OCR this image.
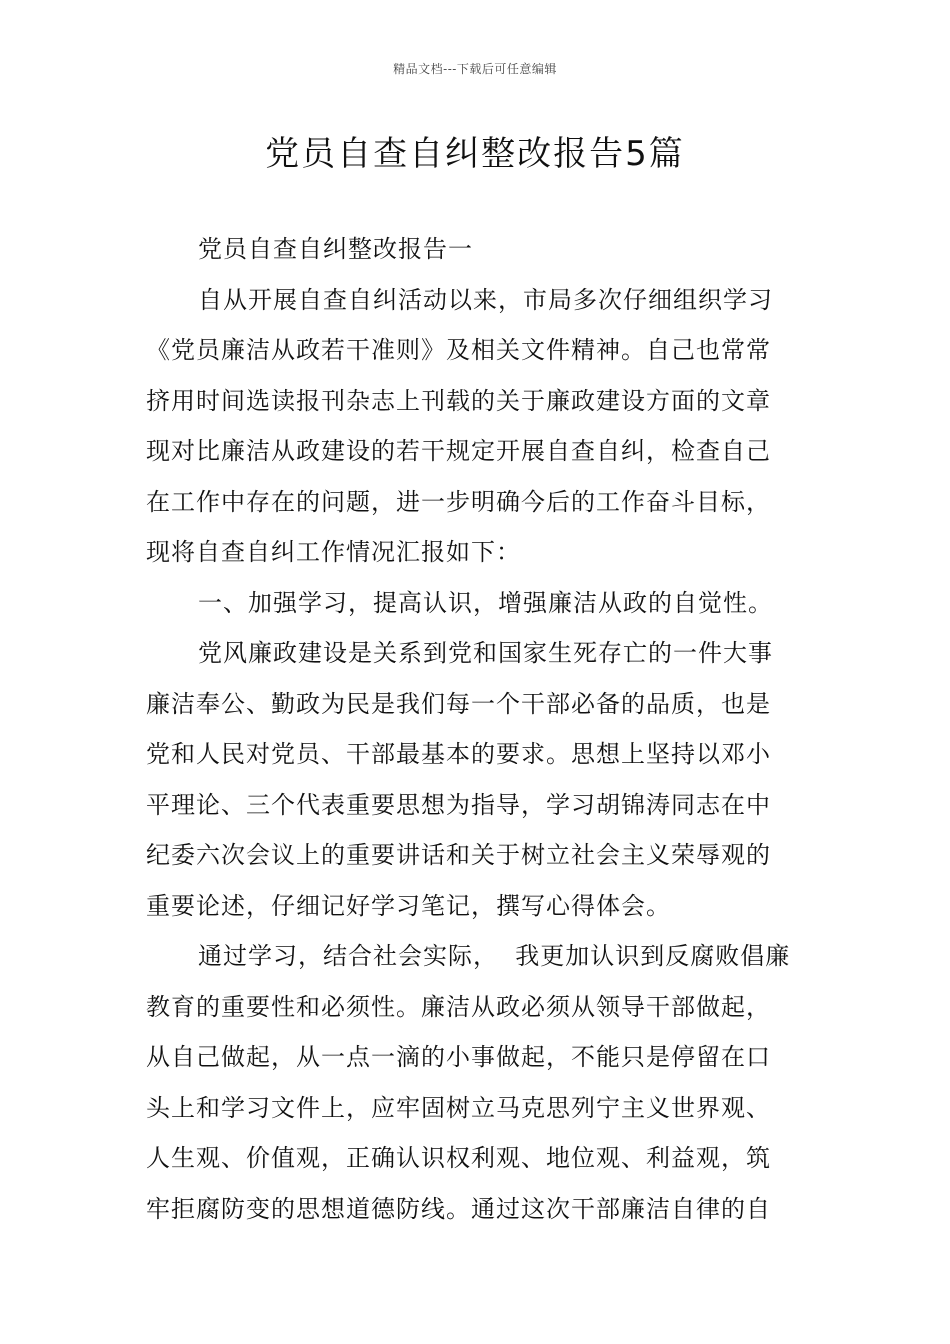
精品文档---下载后可任意编辑
党员自查自纠整改报告5篇
党员自查自纠整改报告一
自从开展自查自纠活动以来，市局多次仔细组织学习
《党员廉洁从政若干准则》及相关文件精神。自己也常常
挤用时间选读报刊杂志上刊载的关于廉政建设方面的文章
现对比廉洁从政建设的若干规定开展自查自纠，检查自己
在工作中存在的问题，进一步明确今后的工作奋斗目标，
现将自查自纠工作情况汇报如下：
一、加强学习，提高认识，增强廉洁从政的自觉性。
党风廉政建设是关系到党和国家生死存亡的一件大事
廉洁奉公、勤政为民是我们每一个干部必备的品质，也是
党和人民对党员、干部最基本的要求。思想上坚持以邓小
平理论、三个代表重要思想为指导，学习胡锦涛同志在中
纪委六次会议上的重要讲话和关于树立社会主义荣辱观的
重要论述，仔细记好学习笔记，撰写心得体会。
通过学习，结合社会实际，  我更加认识到反腐败倡廉
教育的重要性和必须性。廉洁从政必须从领导干部做起，
从自己做起，从一点一滴的小事做起，不能只是停留在口
头上和学习文件上，应牢固树立马克思列宁主义世界观、
人生观、价值观，正确认识权利观、地位观、利益观，筑
牢拒腐防变的思想道德防线。通过这次干部廉洁自律的自
